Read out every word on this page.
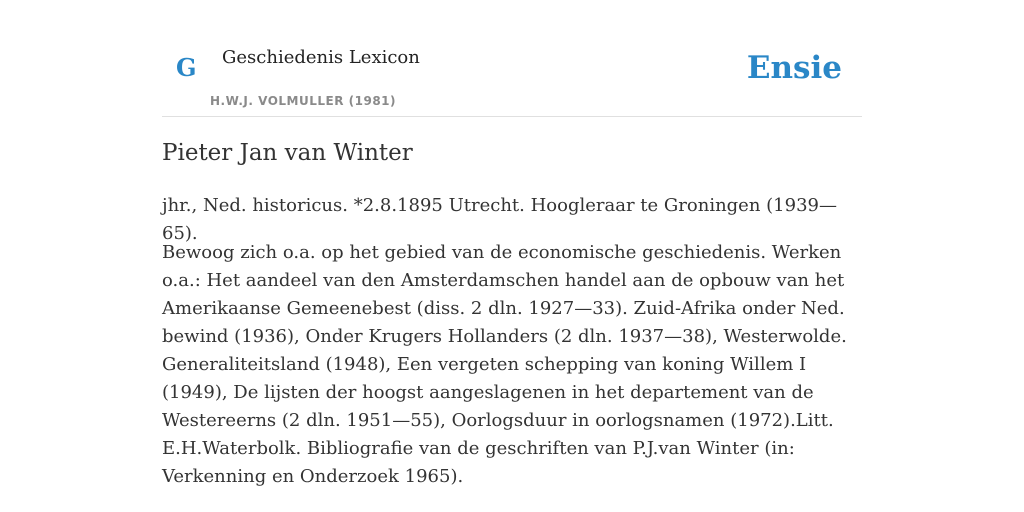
G Geschiedenis Lexicon
H.W.J. VOLMULLER (1981)
Ensie
Pieter Jan van Winter

jhr., Ned. historicus. *2.8.1895 Utrecht. Hoogleraar te Groningen (1939—65).

Bewoog zich o.a. op het gebied van de economische geschiedenis. Werken o.a.: Het aandeel van den Amsterdamschen handel aan de opbouw van het Amerikaanse Gemeenebest (diss. 2 dln. 1927—33). Zuid-Afrika onder Ned. bewind (1936), Onder Krugers Hollanders (2 dln. 1937—38), Westerwolde. Generaliteitsland (1948), Een vergeten schepping van koning Willem I (1949), De lijsten der hoogst aangeslagenen in het departement van de Westereerns (2 dln. 1951—55), Oorlogsduur in oorlogsnamen (1972).Litt. E.H.Waterbolk. Bibliografie van de geschriften van P.J.van Winter (in: Verkenning en Onderzoek 1965).
